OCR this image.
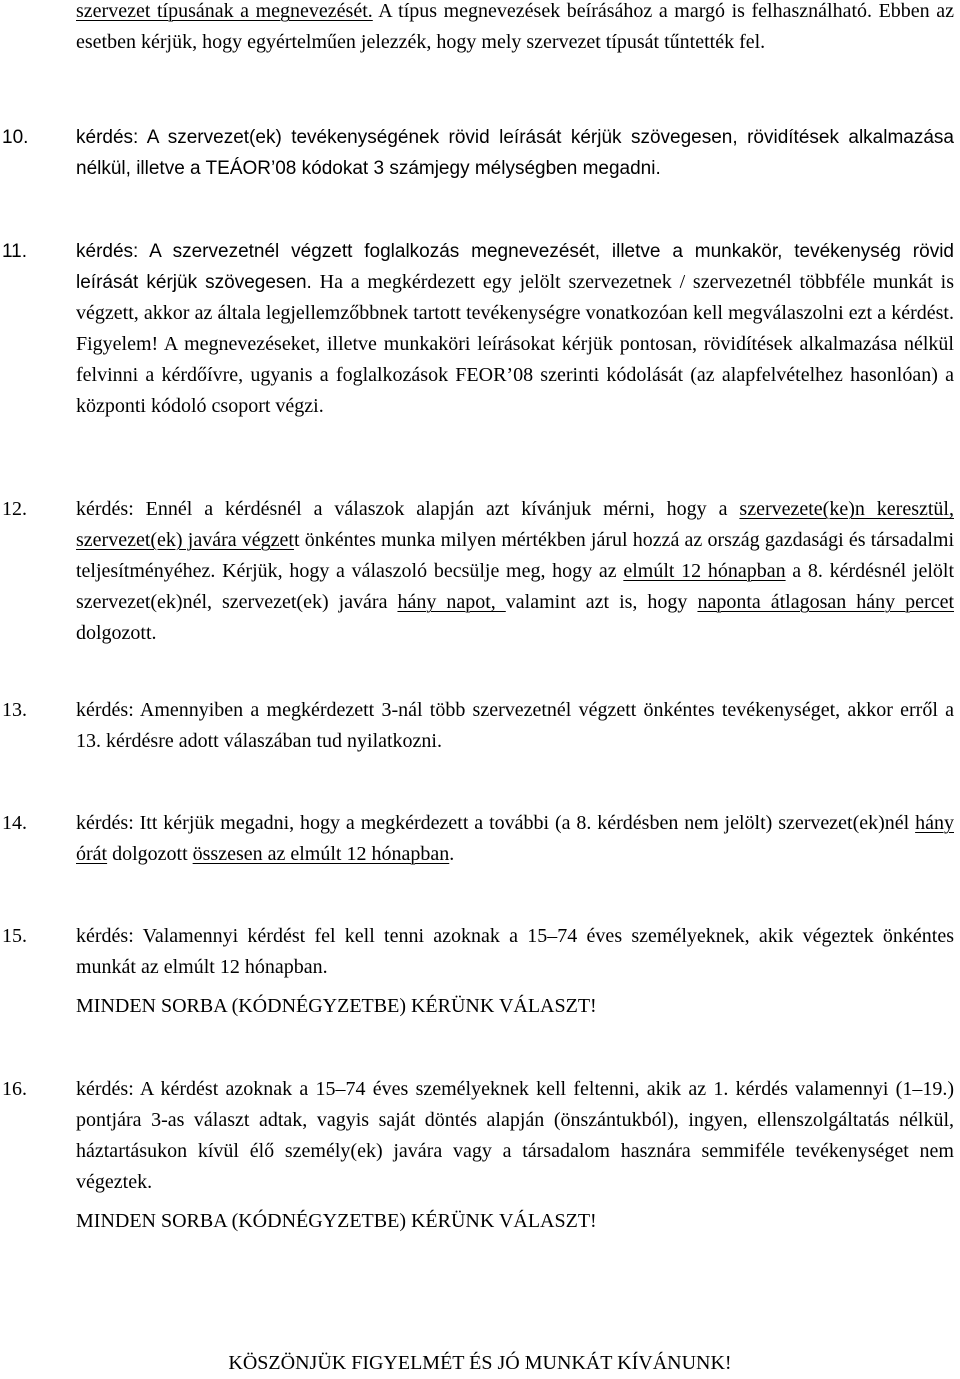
szervezet típusának a megnevezését. A típus megnevezések beírásához a margó is felhasználható. Ebben az esetben kérjük, hogy egyértelműen jelezzék, hogy mely szervezet típusát tűntették fel.

10.	kérdés: A szervezet(ek) tevékenységének rövid leírását kérjük szövegesen, rövidítések alkalmazása nélkül, illetve a TEÁOR’08 kódokat 3 számjegy mélységben megadni.

11.	kérdés: A szervezetnél végzett foglalkozás megnevezését, illetve a munkakör, tevékenység rövid leírását kérjük szövegesen. Ha a megkérdezett egy jelölt szervezetnek / szervezetnél többféle munkát is végzett, akkor az általa legjellemzőbbnek tartott tevékenységre vonatkozóan kell megválaszolni ezt a kérdést. Figyelem! A megnevezéseket, illetve munkaköri leírásokat kérjük pontosan, rövidítések alkalmazása nélkül felvinni a kérdőívre, ugyanis a foglalkozások FEOR’08 szerinti kódolását (az alapfelvételhez hasonlóan) a központi kódoló csoport végzi.

12. kérdés: Ennél a kérdésnél a válaszok alapján azt kívánjuk mérni, hogy a szervezete(ke)n keresztül, szervezet(ek) javára végzett önkéntes munka milyen mértékben járul hozzá az ország gazdasági és társadalmi teljesítményéhez. Kérjük, hogy a válaszoló becsülje meg, hogy az elmúlt 12 hónapban a 8. kérdésnél jelölt szervezet(ek)nél, szervezet(ek) javára hány napot, valamint azt is, hogy naponta átlagosan hány percet dolgozott.

13. kérdés: Amennyiben a megkérdezett 3-nál több szervezetnél végzett önkéntes tevékenységet, akkor erről a 13. kérdésre adott válaszában tud nyilatkozni.

14. kérdés: Itt kérjük megadni, hogy a megkérdezett a további (a 8. kérdésben nem jelölt) szervezet(ek)nél hány órát dolgozott összesen az elmúlt 12 hónapban.

15. kérdés: Valamennyi kérdést fel kell tenni azoknak a 15–74 éves személyeknek, akik végeztek önkéntes munkát az elmúlt 12 hónapban.

MINDEN SORBA (KÓDNÉGYZETBE) KÉRÜNK VÁLASZT!

16. kérdés: A kérdést azoknak a 15–74 éves személyeknek kell feltenni, akik az 1. kérdés valamennyi (1–19.) pontjára 3-as választ adtak, vagyis saját döntés alapján (önszántukból), ingyen, ellenszolgáltatás nélkül, háztartásukon kívül élő személy(ek) javára vagy a társadalom hasznára semmiféle tevékenységet nem végeztek.

MINDEN SORBA (KÓDNÉGYZETBE) KÉRÜNK VÁLASZT!

KÖSZÖNJÜK FIGYELMÉT ÉS JÓ MUNKÁT KÍVÁNUNK!
